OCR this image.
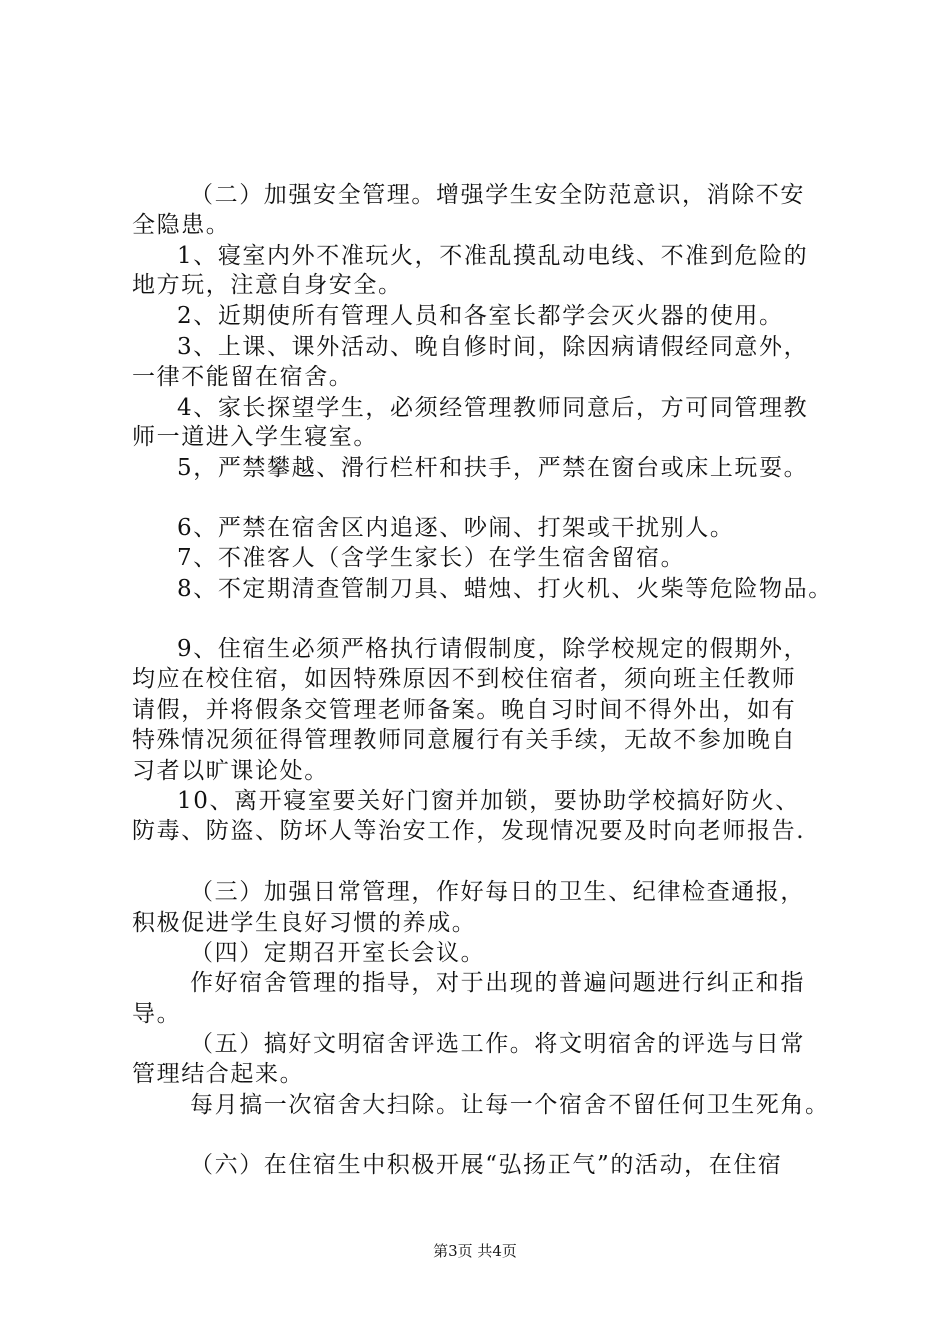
（二）加强安全管理。增强学生安全防范意识，消除不安
全隐患。
1、寝室内外不准玩火，不准乱摸乱动电线、不准到危险的
地方玩，注意自身安全。
2、近期使所有管理人员和各室长都学会灭火器的使用。
3、上课、课外活动、晚自修时间，除因病请假经同意外，
一律不能留在宿舍。
4、家长探望学生，必须经管理教师同意后，方可同管理教
师一道进入学生寝室。
5，严禁攀越、滑行栏杆和扶手，严禁在窗台或床上玩耍。
6、严禁在宿舍区内追逐、吵闹、打架或干扰别人。
7、不准客人（含学生家长）在学生宿舍留宿。
8、不定期清查管制刀具、蜡烛、打火机、火柴等危险物品。
9、住宿生必须严格执行请假制度，除学校规定的假期外，
均应在校住宿，如因特殊原因不到校住宿者，须向班主任教师
请假，并将假条交管理老师备案。晚自习时间不得外出，如有
特殊情况须征得管理教师同意履行有关手续，无故不参加晚自
习者以旷课论处。
10、离开寝室要关好门窗并加锁，要协助学校搞好防火、
防毒、防盗、防坏人等治安工作，发现情况要及时向老师报告.
（三）加强日常管理，作好每日的卫生、纪律检查通报，
积极促进学生良好习惯的养成。
（四）定期召开室长会议。
作好宿舍管理的指导，对于出现的普遍问题进行纠正和指
导。
（五）搞好文明宿舍评选工作。将文明宿舍的评选与日常
管理结合起来。
每月搞一次宿舍大扫除。让每一个宿舍不留任何卫生死角。
（六）在住宿生中积极开展“弘扬正气”的活动，在住宿
第3页 共4页
